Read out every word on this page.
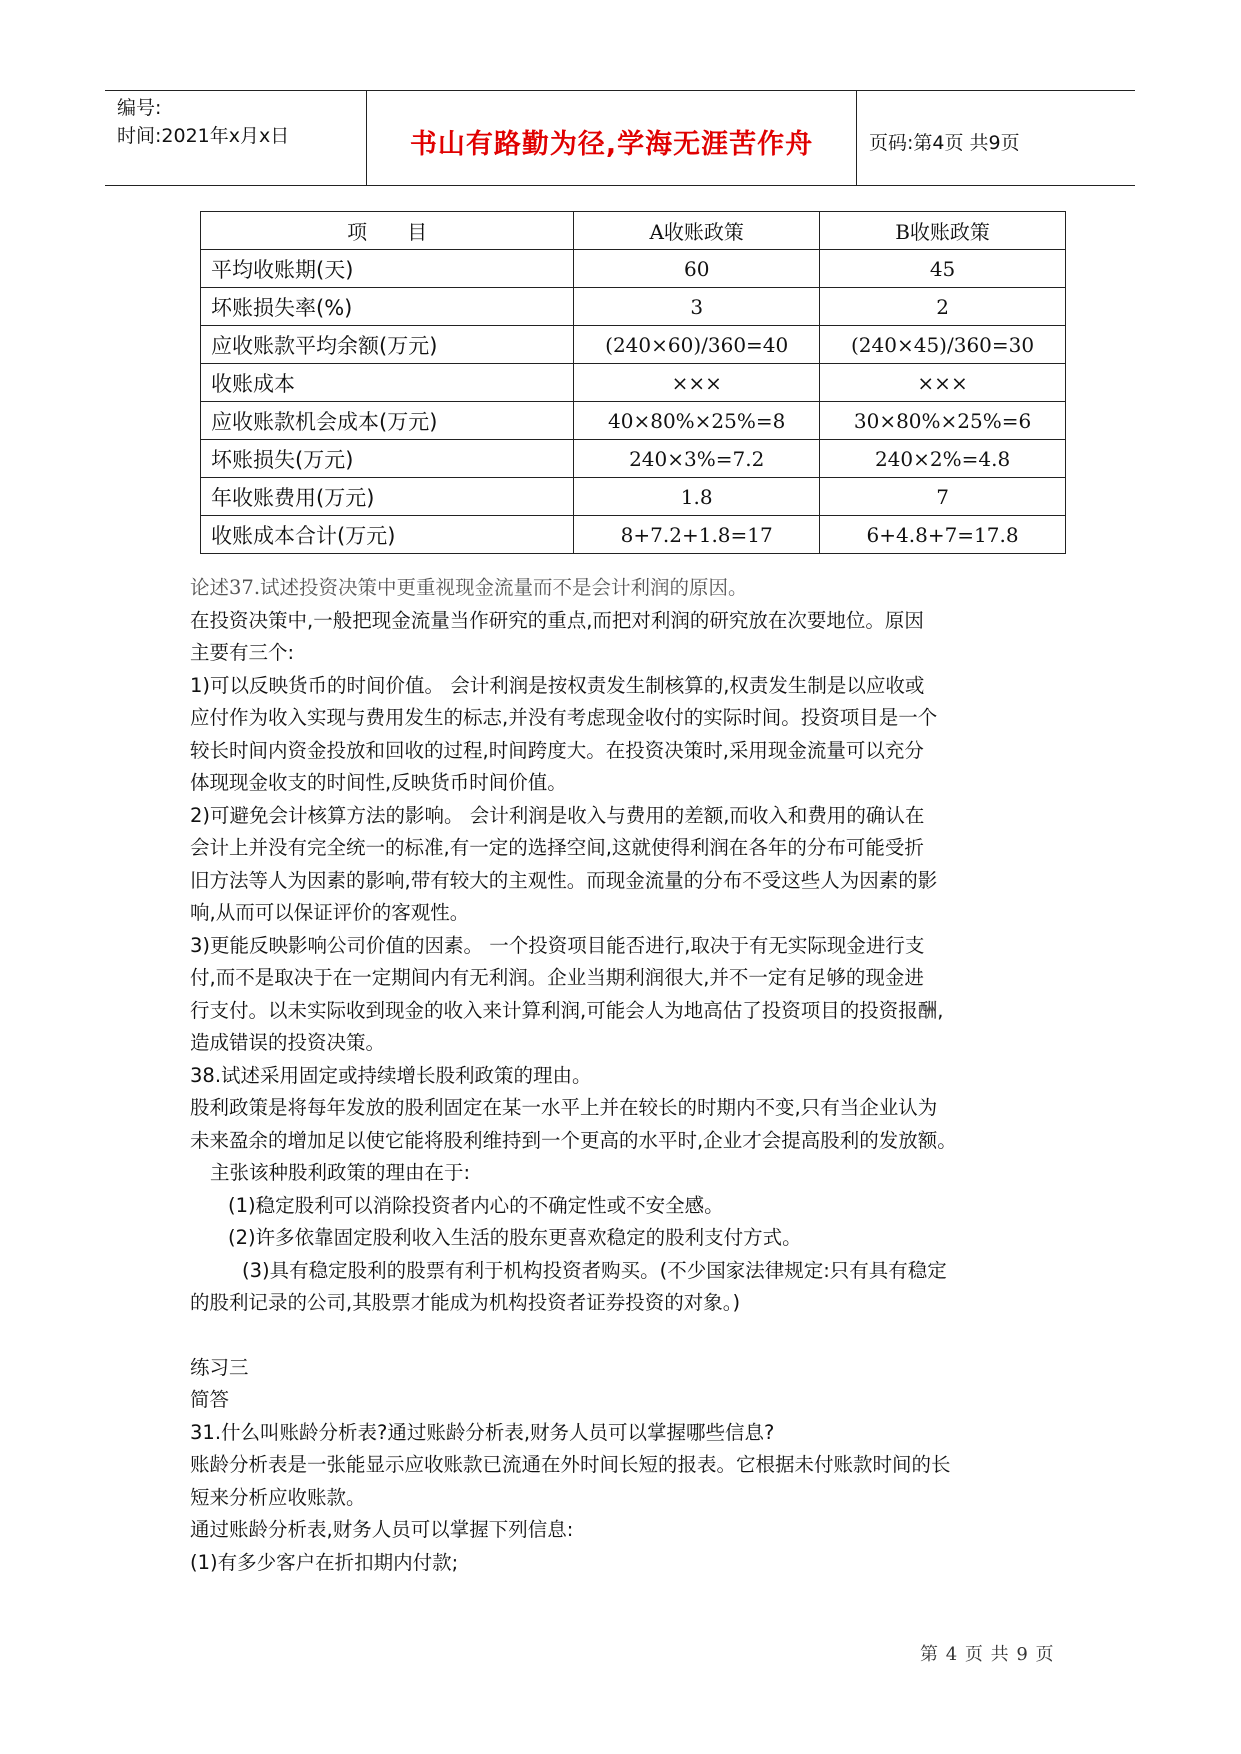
编号:
时间:2021年x月x日	书山有路勤为径,学海无涯苦作舟	页码:第4页 共9页
项　　目	A收账政策	B收账政策
平均收账期(天)	60	45
坏账损失率(%)	3	2
应收账款平均余额(万元)	(240×60)/360=40	(240×45)/360=30
收账成本	×××	×××
应收账款机会成本(万元)	40×80%×25%=8	30×80%×25%=6
坏账损失(万元)	240×3%=7.2	240×2%=4.8
年收账费用(万元)	1.8	7
收账成本合计(万元)	8+7.2+1.8=17	6+4.8+7=17.8

论述37.试述投资决策中更重视现金流量而不是会计利润的原因。

在投资决策中,一般把现金流量当作研究的重点,而把对利润的研究放在次要地位。原因

主要有三个:

1)可以反映货币的时间价值。 会计利润是按权责发生制核算的,权责发生制是以应收或

应付作为收入实现与费用发生的标志,并没有考虑现金收付的实际时间。投资项目是一个

较长时间内资金投放和回收的过程,时间跨度大。在投资决策时,采用现金流量可以充分

体现现金收支的时间性,反映货币时间价值。

2)可避免会计核算方法的影响。 会计利润是收入与费用的差额,而收入和费用的确认在

会计上并没有完全统一的标准,有一定的选择空间,这就使得利润在各年的分布可能受折

旧方法等人为因素的影响,带有较大的主观性。而现金流量的分布不受这些人为因素的影

响,从而可以保证评价的客观性。

3)更能反映影响公司价值的因素。 一个投资项目能否进行,取决于有无实际现金进行支

付,而不是取决于在一定期间内有无利润。企业当期利润很大,并不一定有足够的现金进

行支付。以未实际收到现金的收入来计算利润,可能会人为地高估了投资项目的投资报酬,

造成错误的投资决策。

38.试述采用固定或持续增长股利政策的理由。

股利政策是将每年发放的股利固定在某一水平上并在较长的时期内不变,只有当企业认为

未来盈余的增加足以使它能将股利维持到一个更高的水平时,企业才会提高股利的发放额。

主张该种股利政策的理由在于:

(1)稳定股利可以消除投资者内心的不确定性或不安全感。

(2)许多依靠固定股利收入生活的股东更喜欢稳定的股利支付方式。

(3)具有稳定股利的股票有利于机构投资者购买。(不少国家法律规定:只有具有稳定

的股利记录的公司,其股票才能成为机构投资者证券投资的对象。)

练习三

简答

31.什么叫账龄分析表?通过账龄分析表,财务人员可以掌握哪些信息?

账龄分析表是一张能显示应收账款已流通在外时间长短的报表。它根据未付账款时间的长

短来分析应收账款。

通过账龄分析表,财务人员可以掌握下列信息:

(1)有多少客户在折扣期内付款;

第 4 页 共 9 页
